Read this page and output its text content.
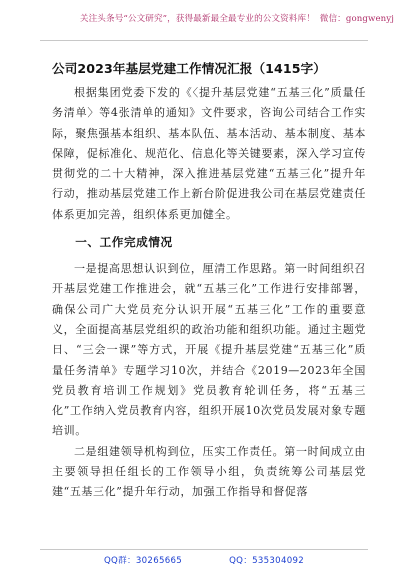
关注头条号“公文研究”，获得最新最全最专业的公文资料库！ 微信：gongwenyj
公司2023年基层党建工作情况汇报（1415字）

根据集团党委下发的《〈提升基层党建“五基三化”质量任务清单〉等4张清单的通知》文件要求，咨询公司结合工作实际，聚焦强基本组织、基本队伍、基本活动、基本制度、基本保障，促标准化、规范化、信息化等关键要素，深入学习宣传贯彻党的二十大精神，深入推进基层党建“五基三化”提升年行动，推动基层党建工作上新台阶促进我公司在基层党建责任体系更加完善，组织体系更加健全。

一、工作完成情况

一是提高思想认识到位，厘清工作思路。第一时间组织召开基层党建工作推进会，就“五基三化”工作进行安排部署，确保公司广大党员充分认识开展“五基三化”工作的重要意义，全面提高基层党组织的政治功能和组织功能。通过主题党日、“三会一课”等方式，开展《提升基层党建“五基三化”质量任务清单》专题学习10次，并结合《2019—2023年全国党员教育培训工作规划》党员教育轮训任务，将“五基三化”工作纳入党员教育内容，组织开展10次党员发展对象专题培训。

二是组建领导机构到位，压实工作责任。第一时间成立由主要领导担任组长的工作领导小组，负责统筹公司基层党建“五基三化”提升年行动，加强工作指导和督促落

QQ群：30265665	QQ：535304092
